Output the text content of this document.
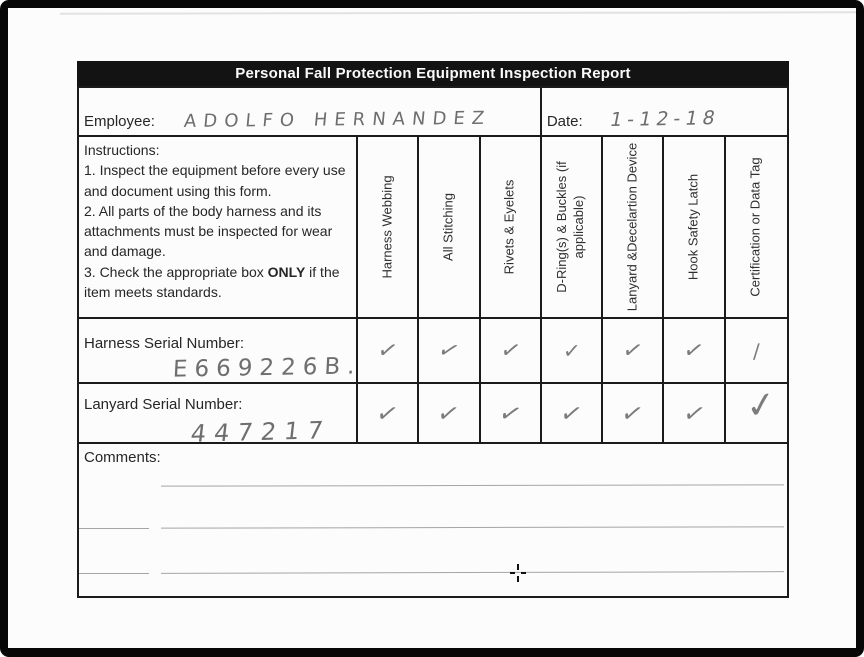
Personal Fall Protection Equipment Inspection Report
Employee: ADOLFO HERNANDEZ	Date: 1-12-18

Instructions:

1. Inspect the equipment before every use and document using this form.

2. All parts of the body harness and its attachments must be inspected for wear and damage.

3. Check the appropriate box ONLY if the item meets standards.

Harness Webbing	All Stitching	Rivets & Eyelets	D-Ring(s) & Buckles (if applicable)	Lanyard &Decelartion Device	Hook Safety Latch	Certification or Data Tag
Harness Serial Number:
E669226B.
✓ ✓ ✓ ✓ ✓ ✓ ∕
Lanyard Serial Number:
447217
✓ ✓ ✓ ✓ ✓ ✓ ✓
Comments:
